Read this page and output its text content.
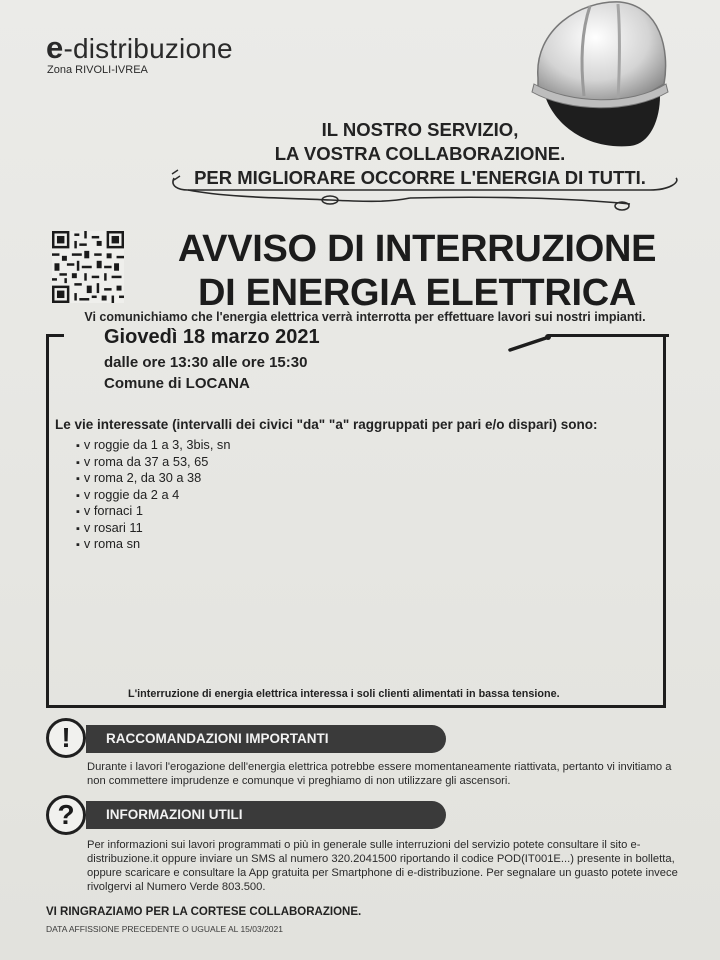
e-distribuzione
Zona RIVOLI-IVREA
IL NOSTRO SERVIZIO,
LA VOSTRA COLLABORAZIONE.
PER MIGLIORARE OCCORRE L'ENERGIA DI TUTTI.
AVVISO DI INTERRUZIONE
DI ENERGIA ELETTRICA
Vi comunichiamo che l'energia elettrica verrà interrotta per effettuare lavori sui nostri impianti.
Giovedì 18 marzo 2021
dalle ore 13:30 alle ore 15:30
Comune di LOCANA
Le vie interessate (intervalli dei civici "da" "a" raggruppati per pari e/o dispari) sono:
▪ v roggie da 1 a 3, 3bis, sn
▪ v roma da 37 a 53, 65
▪ v roma 2, da 30 a 38
▪ v roggie da 2 a 4
▪ v fornaci 1
▪ v rosari 11
▪ v roma sn
L'interruzione di energia elettrica interessa i soli clienti alimentati in bassa tensione.
!	RACCOMANDAZIONI IMPORTANTI
Durante i lavori l'erogazione dell'energia elettrica potrebbe essere momentaneamente riattivata, pertanto vi invitiamo a non commettere imprudenze e comunque vi preghiamo di non utilizzare gli ascensori.
?	INFORMAZIONI UTILI
Per informazioni sui lavori programmati o più in generale sulle interruzioni del servizio potete consultare il sito e-distribuzione.it oppure inviare un SMS al numero 320.2041500 riportando il codice POD(IT001E...) presente in bolletta, oppure scaricare e consultare la App gratuita per Smartphone di e-distribuzione. Per segnalare un guasto potete invece rivolgervi al Numero Verde 803.500.
VI RINGRAZIAMO PER LA CORTESE COLLABORAZIONE.
DATA AFFISSIONE PRECEDENTE O UGUALE AL 15/03/2021
